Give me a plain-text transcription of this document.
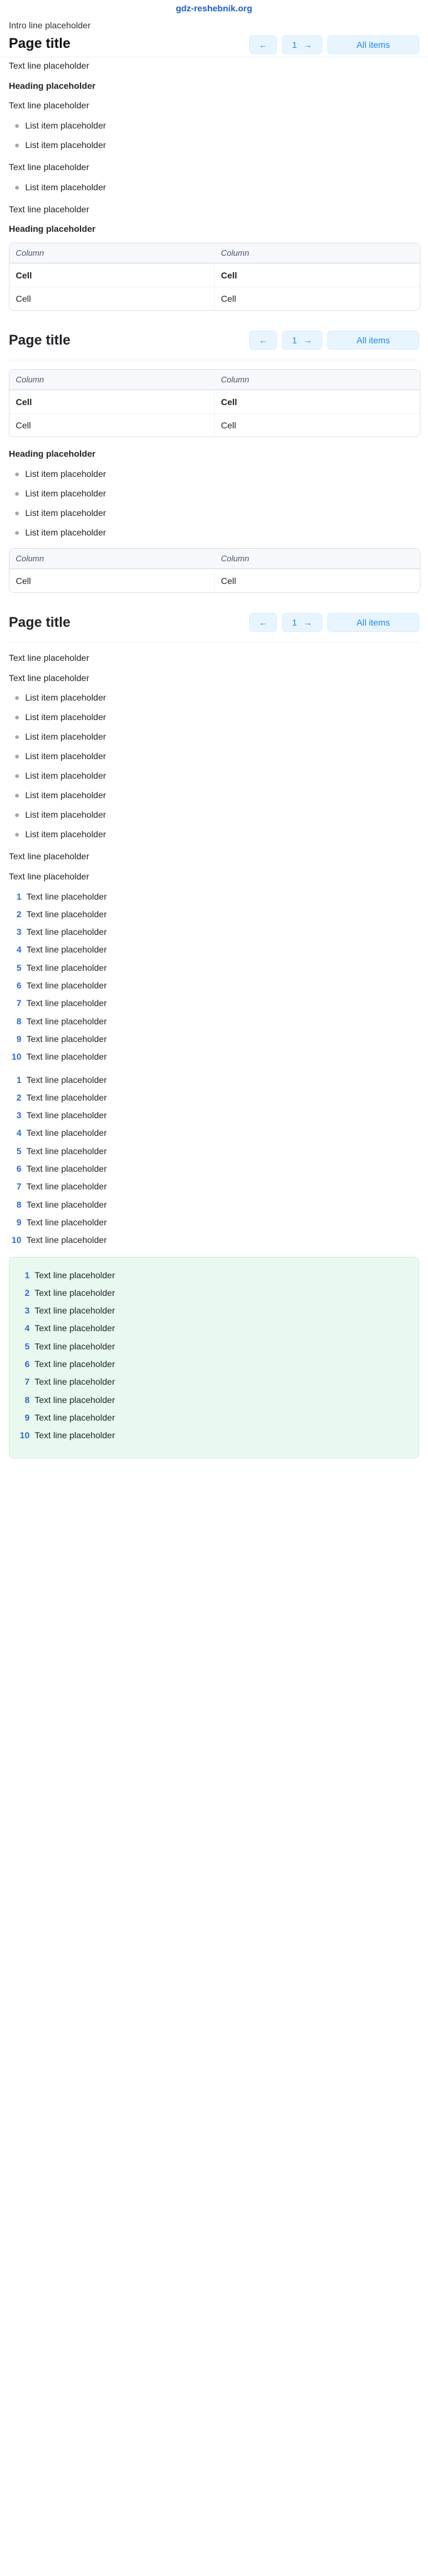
gdz-reshebnik.org
Intro line placeholder
Page title	←	1 →	All items

Text line placeholder

Heading placeholder

Text line placeholder

List item placeholder
List item placeholder

Text line placeholder

List item placeholder

Text line placeholder

Heading placeholder

Column	Column
Cell	Cell
Cell	Cell
Page title	←	1 →	All items
Column	Column
Cell	Cell
Cell	Cell

Heading placeholder

List item placeholder
List item placeholder
List item placeholder
List item placeholder
Column	Column
Cell	Cell
Page title	←	1 →	All items

Text line placeholder

Text line placeholder

List item placeholder
List item placeholder
List item placeholder
List item placeholder
List item placeholder
List item placeholder
List item placeholder
List item placeholder

Text line placeholder

Text line placeholder

1 Text line placeholder
2 Text line placeholder
3 Text line placeholder
4 Text line placeholder
5 Text line placeholder
6 Text line placeholder
7 Text line placeholder
8 Text line placeholder
9 Text line placeholder
10 Text line placeholder
1 Text line placeholder
2 Text line placeholder
3 Text line placeholder
4 Text line placeholder
5 Text line placeholder
6 Text line placeholder
7 Text line placeholder
8 Text line placeholder
9 Text line placeholder
10 Text line placeholder
1 Text line placeholder
2 Text line placeholder
3 Text line placeholder
4 Text line placeholder
5 Text line placeholder
6 Text line placeholder
7 Text line placeholder
8 Text line placeholder
9 Text line placeholder
10 Text line placeholder
